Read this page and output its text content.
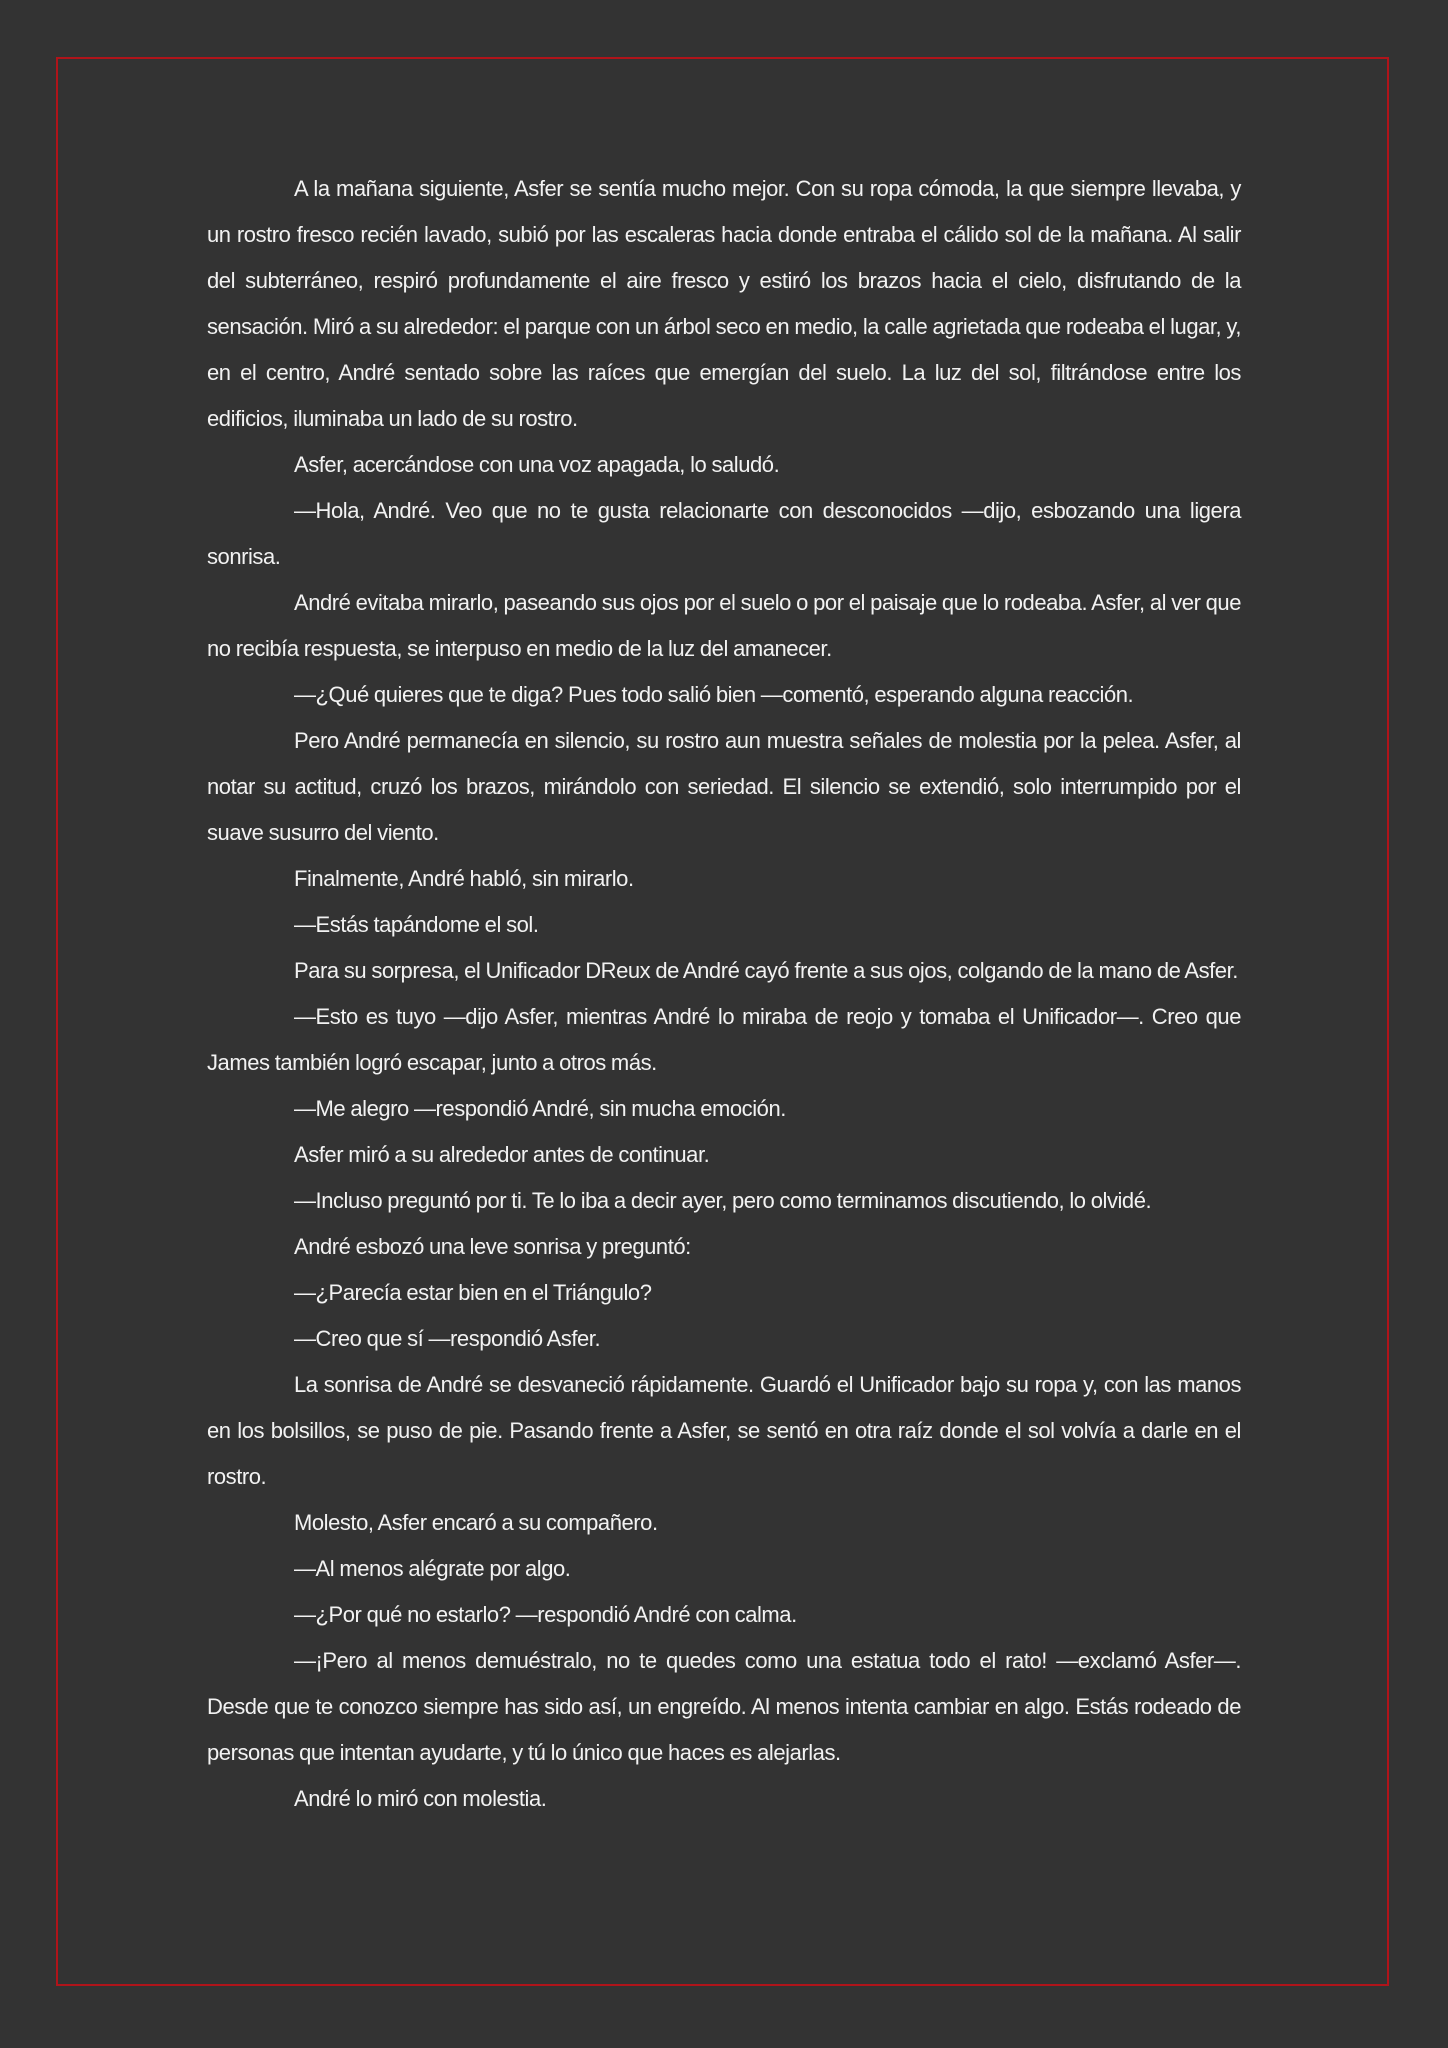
A la mañana siguiente, Asfer se sentía mucho mejor. Con su ropa cómoda, la que siempre llevaba, y un rostro fresco recién lavado, subió por las escaleras hacia donde entraba el cálido sol de la mañana. Al salir del subterráneo, respiró profundamente el aire fresco y estiró los brazos hacia el cielo, disfrutando de la sensación. Miró a su alrededor: el parque con un árbol seco en medio, la calle agrietada que rodeaba el lugar, y, en el centro, André sentado sobre las raíces que emergían del suelo. La luz del sol, filtrándose entre los edificios, iluminaba un lado de su rostro.

Asfer, acercándose con una voz apagada, lo saludó.

—Hola, André. Veo que no te gusta relacionarte con desconocidos —dijo, esbozando una ligera sonrisa.

André evitaba mirarlo, paseando sus ojos por el suelo o por el paisaje que lo rodeaba. Asfer, al ver que no recibía respuesta, se interpuso en medio de la luz del amanecer.

—¿Qué quieres que te diga? Pues todo salió bien —comentó, esperando alguna reacción.

Pero André permanecía en silencio, su rostro aun muestra señales de molestia por la pelea. Asfer, al notar su actitud, cruzó los brazos, mirándolo con seriedad. El silencio se extendió, solo interrumpido por el suave susurro del viento.

Finalmente, André habló, sin mirarlo.

—Estás tapándome el sol.

Para su sorpresa, el Unificador DReux de André cayó frente a sus ojos, colgando de la mano de Asfer.

—Esto es tuyo —dijo Asfer, mientras André lo miraba de reojo y tomaba el Unificador—. Creo que James también logró escapar, junto a otros más.

—Me alegro —respondió André, sin mucha emoción.

Asfer miró a su alrededor antes de continuar.

—Incluso preguntó por ti. Te lo iba a decir ayer, pero como terminamos discutiendo, lo olvidé.

André esbozó una leve sonrisa y preguntó:

—¿Parecía estar bien en el Triángulo?

—Creo que sí —respondió Asfer.

La sonrisa de André se desvaneció rápidamente. Guardó el Unificador bajo su ropa y, con las manos en los bolsillos, se puso de pie. Pasando frente a Asfer, se sentó en otra raíz donde el sol volvía a darle en el rostro.

Molesto, Asfer encaró a su compañero.

—Al menos alégrate por algo.

—¿Por qué no estarlo? —respondió André con calma.

—¡Pero al menos demuéstralo, no te quedes como una estatua todo el rato! —exclamó Asfer—. Desde que te conozco siempre has sido así, un engreído. Al menos intenta cambiar en algo. Estás rodeado de personas que intentan ayudarte, y tú lo único que haces es alejarlas.

André lo miró con molestia.
